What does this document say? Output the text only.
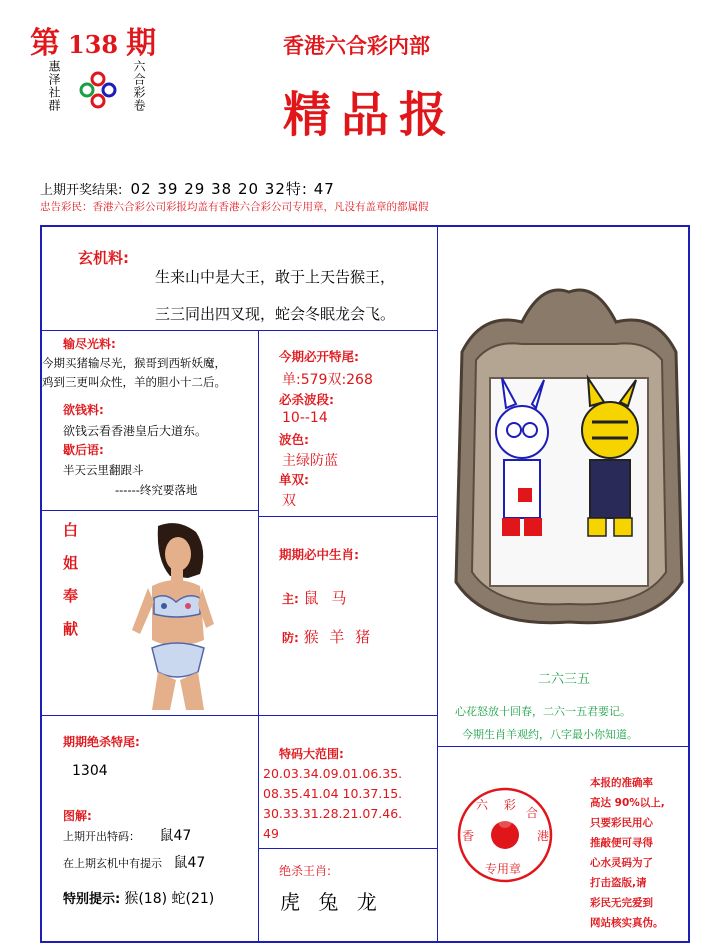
第 138 期
惠泽社群	六合彩卷
香港六合彩内部
精品报
上期开奖结果: 02 39 29 38 20 32特: 47
忠告彩民：香港六合彩公司彩报均盖有香港六合彩公司专用章，凡没有盖章的都属假
玄机料:
生来山中是大王，敢于上天告猴王，
三三同出四叉现，蛇会冬眠龙会飞。
输尽光料:
今期买猪输尽光，猴哥到西斩妖魔，
鸡到三更叫众性，羊的胆小十二后。
欲钱料:
欲钱云看香港皇后大道东。
歇后语:
半天云里翻跟斗
------终究要落地
白姐奉献
今期必开特尾:
单:579双:268
必杀波段:
10--14
波色:
主绿防蓝
单双:
双
期期必中生肖:
主: 鼠 马
防: 猴 羊 猪
二六三五
心花怒放十回春，二六一五君要记。
今期生肖羊观约，八字最小你知道。
期期绝杀特尾:
1304
图解:
上期开出特码： 鼠47
在上期玄机中有提示 鼠47
特别提示: 猴(18) 蛇(21)
特码大范围:
20.03.34.09.01.06.35.
08.35.41.04 10.37.15.
30.33.31.28.21.07.46.
49
绝杀王肖:
虎 兔 龙
六 彩
合
香	港
专用章
本报的准确率
高达 90%以上,
只要彩民用心
推敲便可寻得
心水灵码为了
打击盗版,请
彩民无完爱到
网站核实真伪。
